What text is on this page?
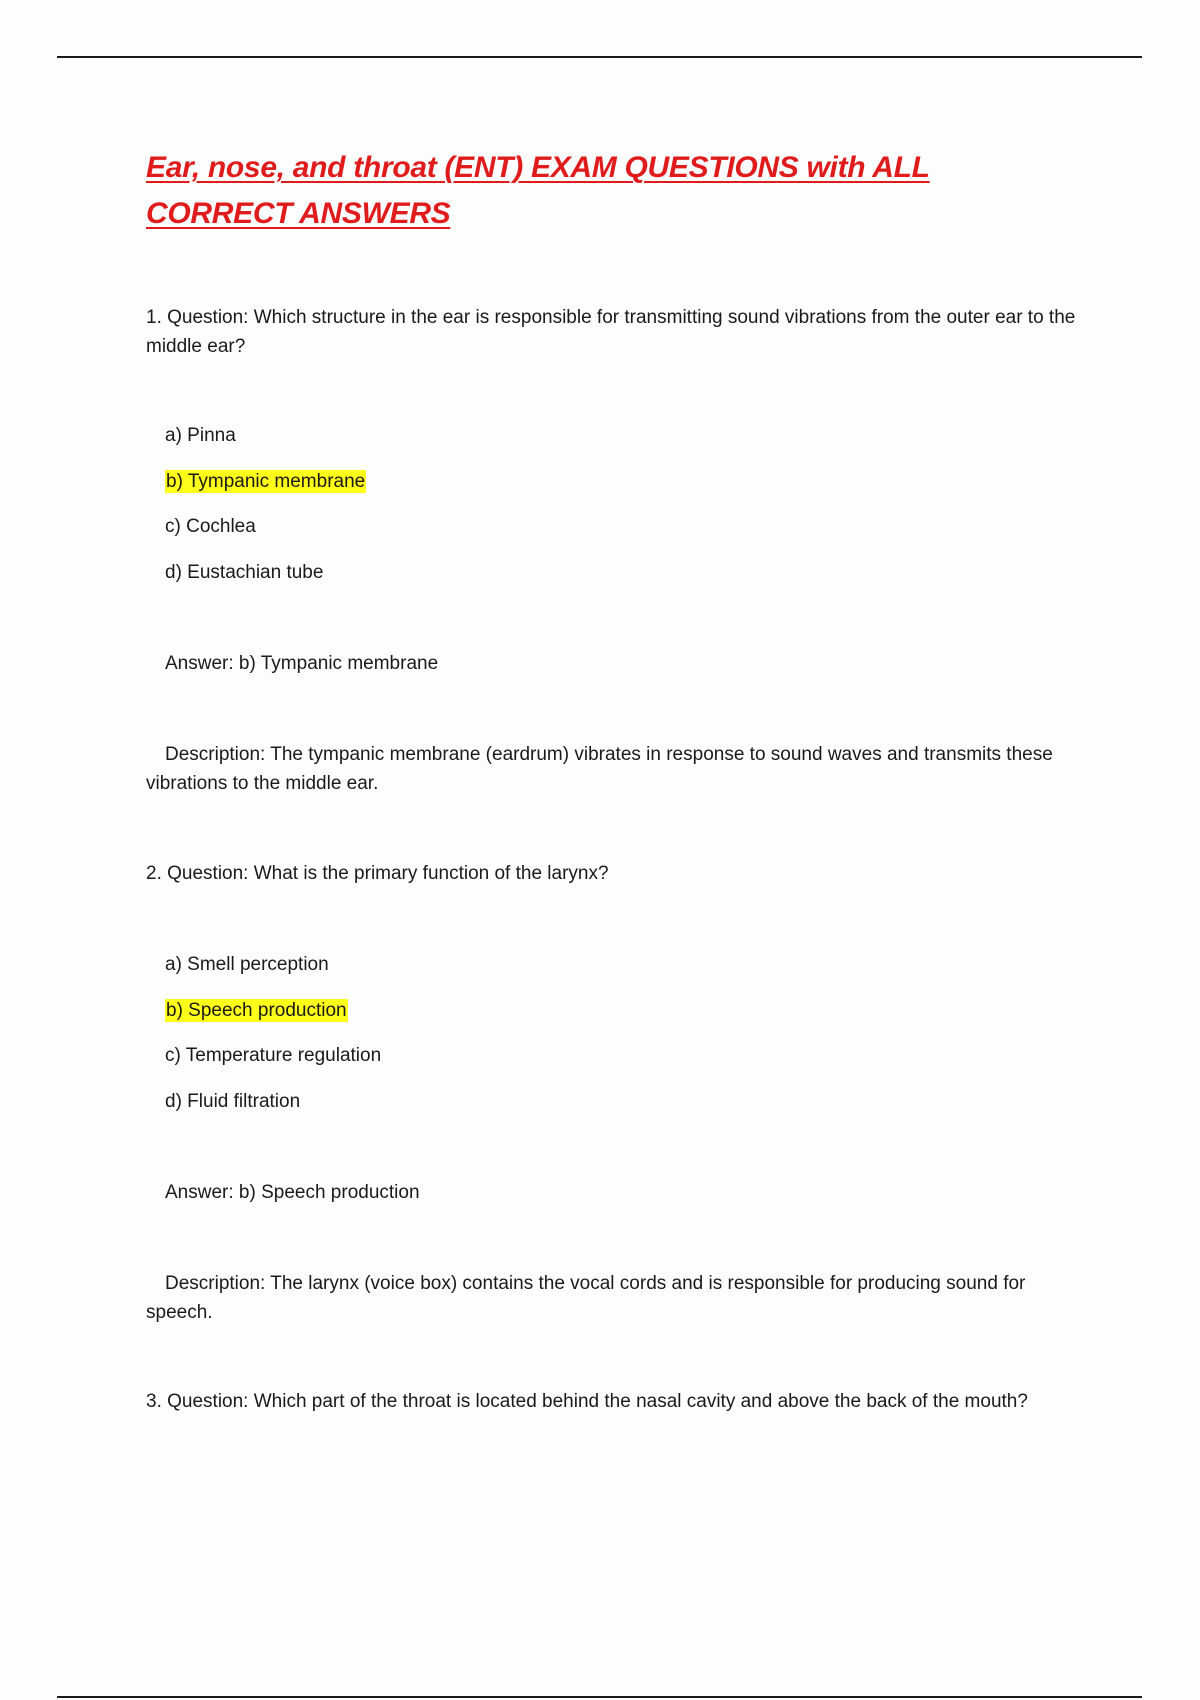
Ear, nose, and throat (ENT) EXAM QUESTIONS with ALL CORRECT ANSWERS

1. Question: Which structure in the ear is responsible for transmitting sound vibrations from the outer ear to the middle ear?

a) Pinna

b) Tympanic membrane

c) Cochlea

d) Eustachian tube

Answer: b) Tympanic membrane

Description: The tympanic membrane (eardrum) vibrates in response to sound waves and transmits these vibrations to the middle ear.

2. Question: What is the primary function of the larynx?

a) Smell perception

b) Speech production

c) Temperature regulation

d) Fluid filtration

Answer: b) Speech production

Description: The larynx (voice box) contains the vocal cords and is responsible for producing sound for speech.

3. Question: Which part of the throat is located behind the nasal cavity and above the back of the mouth?
